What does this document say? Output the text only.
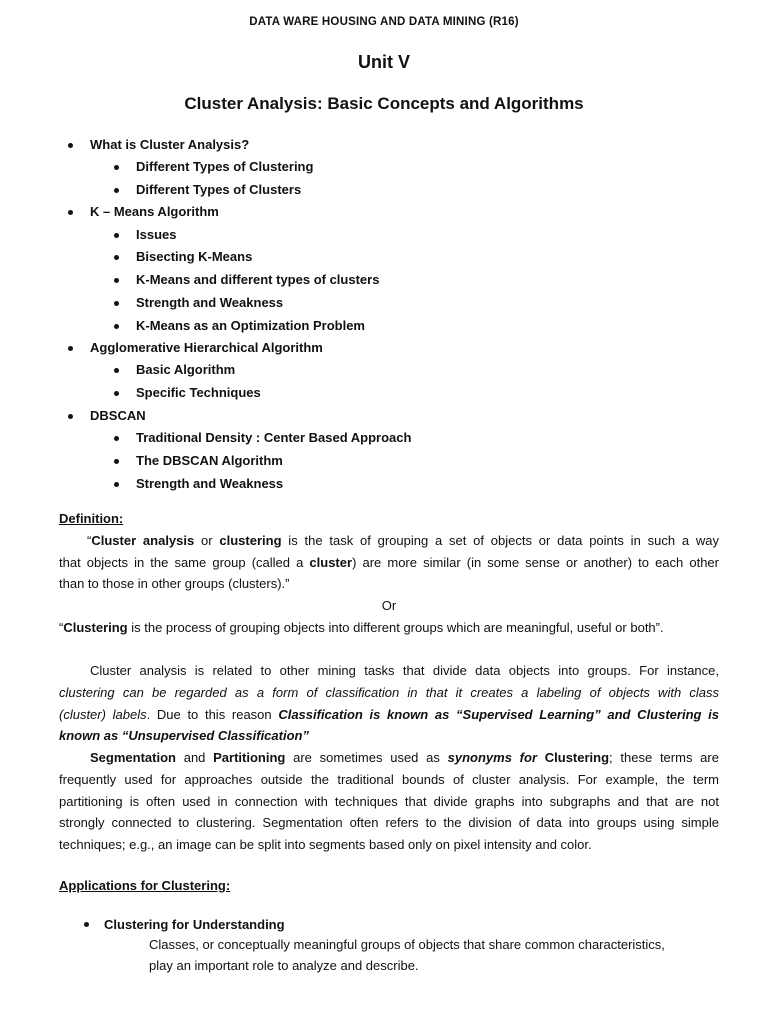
DATA WARE HOUSING AND DATA MINING (R16)
Unit V
Cluster Analysis: Basic Concepts and Algorithms
What is Cluster Analysis?
Different Types of Clustering
Different Types of Clusters
K – Means Algorithm
Issues
Bisecting K-Means
K-Means and different types of clusters
Strength and Weakness
K-Means as an Optimization Problem
Agglomerative Hierarchical Algorithm
Basic Algorithm
Specific Techniques
DBSCAN
Traditional Density : Center Based Approach
The DBSCAN Algorithm
Strength and Weakness
Definition:
“Cluster analysis or clustering is the task of grouping a set of objects or data points in such a way
that objects in the same group (called a cluster) are more similar (in some sense or another) to each other
than to those in other groups (clusters).”
Or
“Clustering is the process of grouping objects into different groups which are meaningful, useful or both”.
Cluster analysis is related to other mining tasks that divide data objects into groups. For instance,
clustering can be regarded as a form of classification in that it creates a labeling of objects with class
(cluster) labels. Due to this reason Classification is known as “Supervised Learning” and Clustering is
known as “Unsupervised Classification”
Segmentation and Partitioning are sometimes used as synonyms for Clustering; these terms are
frequently used for approaches outside the traditional bounds of cluster analysis. For example, the term
partitioning is often used in connection with techniques that divide graphs into subgraphs and that are not
strongly connected to clustering. Segmentation often refers to the division of data into groups using simple
techniques; e.g., an image can be split into segments based only on pixel intensity and color.
Applications for Clustering:
Clustering for Understanding
Classes, or conceptually meaningful groups of objects that share common characteristics,
play an important role to analyze and describe.
